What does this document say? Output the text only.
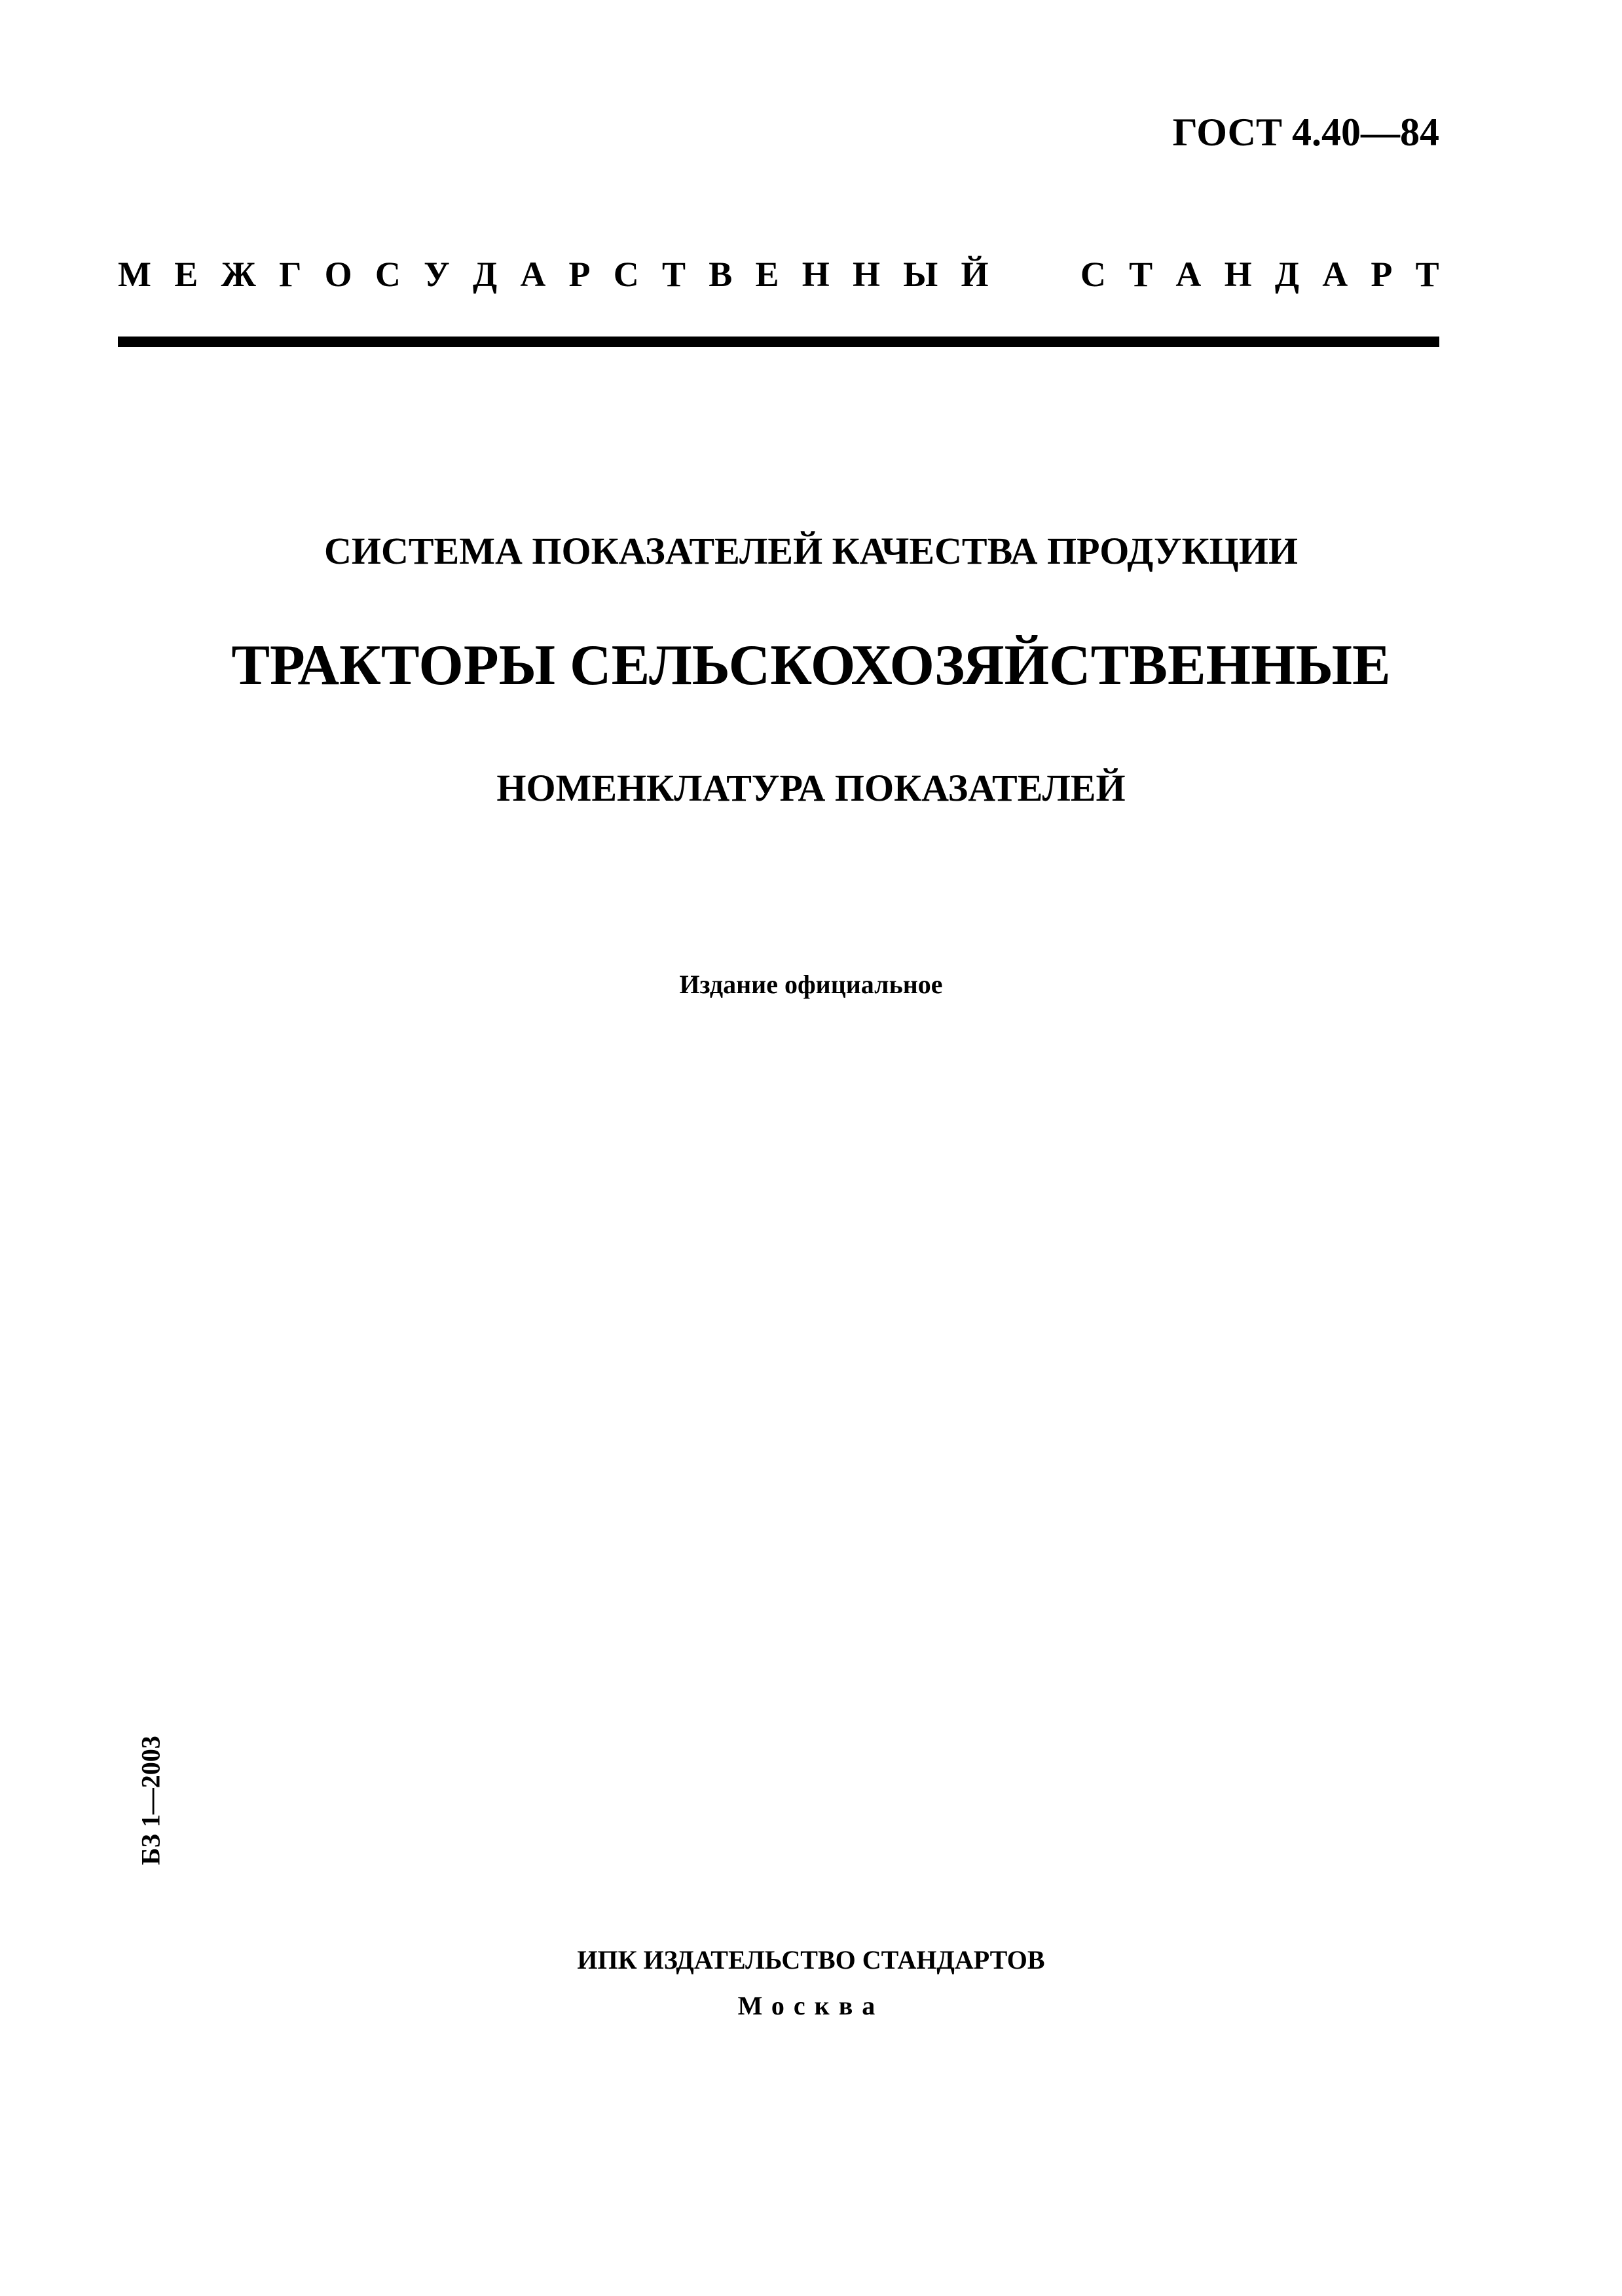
ГОСТ 4.40—84
М Е Ж Г О С У Д А Р С Т В Е Н Н Ы Й	С Т А Н Д А Р Т
СИСТЕМА ПОКАЗАТЕЛЕЙ КАЧЕСТВА ПРОДУКЦИИ
ТРАКТОРЫ СЕЛЬСКОХОЗЯЙСТВЕННЫЕ
НОМЕНКЛАТУРА ПОКАЗАТЕЛЕЙ
Издание официальное
БЗ 1—2003
ИПК ИЗДАТЕЛЬСТВО СТАНДАРТОВ
Москва
